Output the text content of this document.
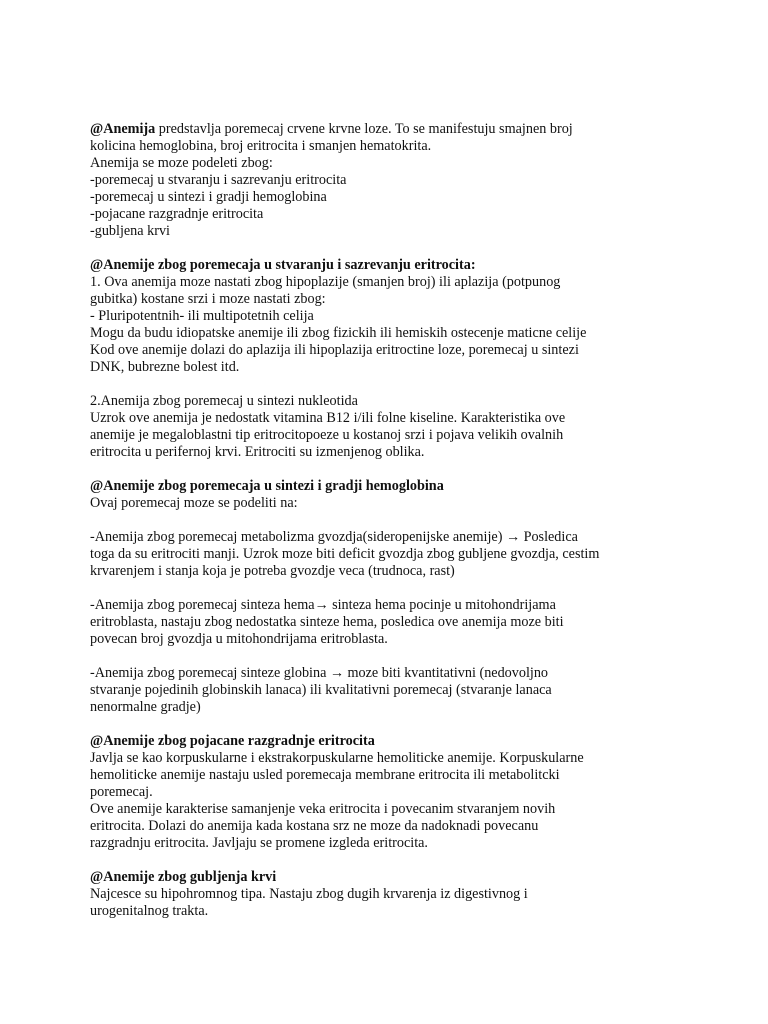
@Anemija predstavlja poremecaj crvene krvne loze. To se manifestuju smajnen broj
kolicina hemoglobina, broj eritrocita i smanjen hematokrita.
Anemija se moze podeleti zbog:
-poremecaj u stvaranju i sazrevanju eritrocita
-poremecaj u sintezi i gradji hemoglobina
-pojacane razgradnje eritrocita
-gubljena krvi
@Anemije zbog poremecaja u stvaranju i sazrevanju eritrocita:
1. Ova anemija moze nastati zbog hipoplazije (smanjen broj) ili aplazija (potpunog
gubitka) kostane srzi i moze nastati zbog:
- Pluripotentnih- ili multipotetnih celija
Mogu da budu idiopatske anemije ili zbog fizickih ili hemiskih ostecenje maticne celije
Kod ove anemije dolazi do aplazija ili hipoplazija eritroctine loze, poremecaj u sintezi
DNK, bubrezne bolest itd.
2.Anemija zbog poremecaj u sintezi nukleotida
Uzrok ove anemija je nedostatk vitamina B12 i/ili folne kiseline. Karakteristika ove
anemije je megaloblastni tip eritrocitopoeze u kostanoj srzi i pojava velikih ovalnih
eritrocita u perifernoj krvi. Eritrociti su izmenjenog oblika.
@Anemije zbog poremecaja u sintezi i gradji hemoglobina
Ovaj poremecaj moze se podeliti na:
-Anemija zbog poremecaj metabolizma gvozdja(sideropenijske anemije) → Posledica
toga da su eritrociti manji. Uzrok moze biti deficit gvozdja zbog gubljene gvozdja, cestim
krvarenjem i stanja koja je potreba gvozdje veca (trudnoca, rast)
-Anemija zbog poremecaj sinteza hema→ sinteza hema pocinje u mitohondrijama
eritroblasta, nastaju zbog nedostatka sinteze hema, posledica ove anemija moze biti
povecan broj gvozdja u mitohondrijama eritroblasta.
-Anemija zbog poremecaj sinteze globina → moze biti kvantitativni (nedovoljno
stvaranje pojedinih globinskih lanaca) ili kvalitativni poremecaj (stvaranje lanaca
nenormalne gradje)
@Anemije zbog pojacane razgradnje eritrocita
Javlja se kao korpuskularne i ekstrakorpuskularne hemoliticke anemije. Korpuskularne
hemoliticke anemije nastaju usled poremecaja membrane eritrocita ili metabolitcki
poremecaj.
Ove anemije karakterise samanjenje veka eritrocita i povecanim stvaranjem novih
eritrocita. Dolazi do anemija kada kostana srz ne moze da nadoknadi povecanu
razgradnju eritrocita. Javljaju se promene izgleda eritrocita.
@Anemije zbog gubljenja krvi
Najcesce su hipohromnog tipa. Nastaju zbog dugih krvarenja iz digestivnog i
urogenitalnog trakta.
